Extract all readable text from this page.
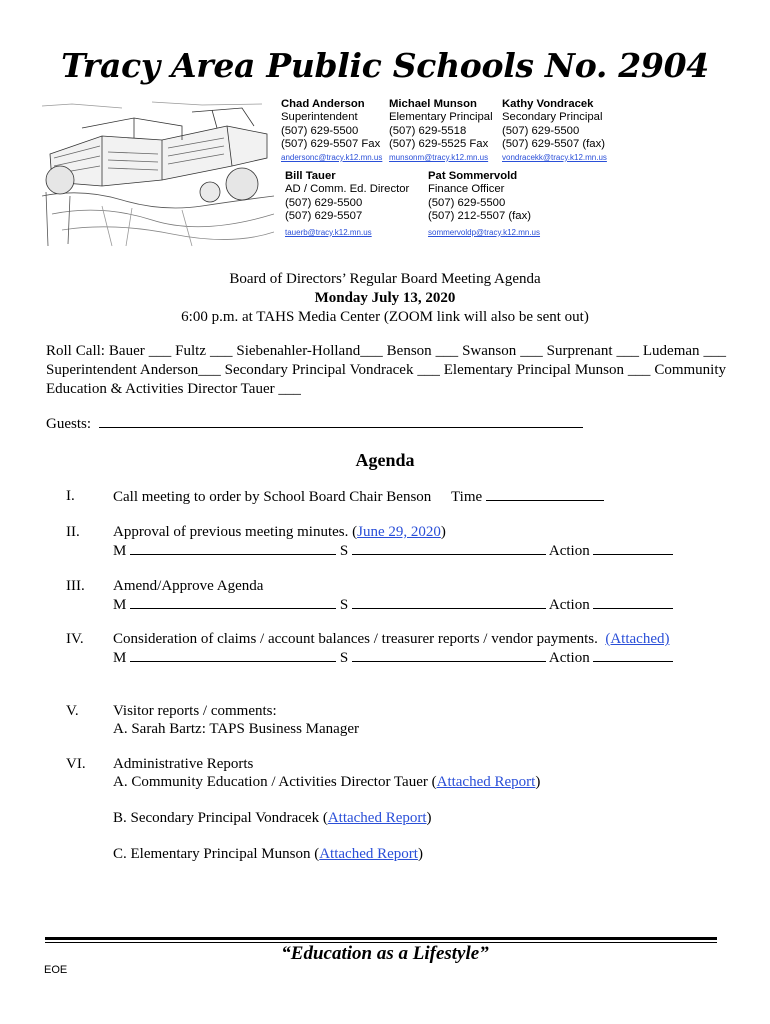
Tracy Area Public Schools No. 2904
Chad Anderson
Superintendent
(507) 629-5500
(507) 629-5507 Fax
andersonc@tracy.k12.mn.us
Michael Munson
Elementary Principal
(507) 629-5518
(507) 629-5525 Fax
munsonm@tracy.k12.mn.us
Kathy Vondracek
Secondary Principal
(507) 629-5500
(507) 629-5507 (fax)
vondracekk@tracy.k12.mn.us
Bill Tauer
AD / Comm. Ed. Director
(507) 629-5500
(507) 629-5507
tauerb@tracy.k12.mn.us
Pat Sommervold
Finance Officer
(507) 629-5500
(507) 212-5507 (fax)
sommervoldp@tracy.k12.mn.us
Board of Directors’ Regular Board Meeting Agenda
Monday July 13, 2020
6:00 p.m. at TAHS Media Center (ZOOM link will also be sent out)
Roll Call: Bauer ___ Fultz ___ Siebenahler-Holland___ Benson ___ Swanson ___ Surprenant ___ Ludeman ___ Superintendent Anderson___ Secondary Principal Vondracek ___ Elementary Principal Munson ___ Community Education & Activities Director Tauer ___
Guests:
Agenda
I.	Call meeting to order by School Board Chair Benson Time
II. Approval of previous meeting minutes. (June 29, 2020)
M	S	Action
III. Amend/Approve Agenda
M	S	Action
IV. Consideration of claims / account balances / treasurer reports / vendor payments. (Attached)
M	S	Action
V. Visitor reports / comments:
A. Sarah Bartz: TAPS Business Manager
VI. Administrative Reports
A. Community Education / Activities Director Tauer (Attached Report)
B. Secondary Principal Vondracek (Attached Report)
C. Elementary Principal Munson (Attached Report)
“Education as a Lifestyle”
EOE
